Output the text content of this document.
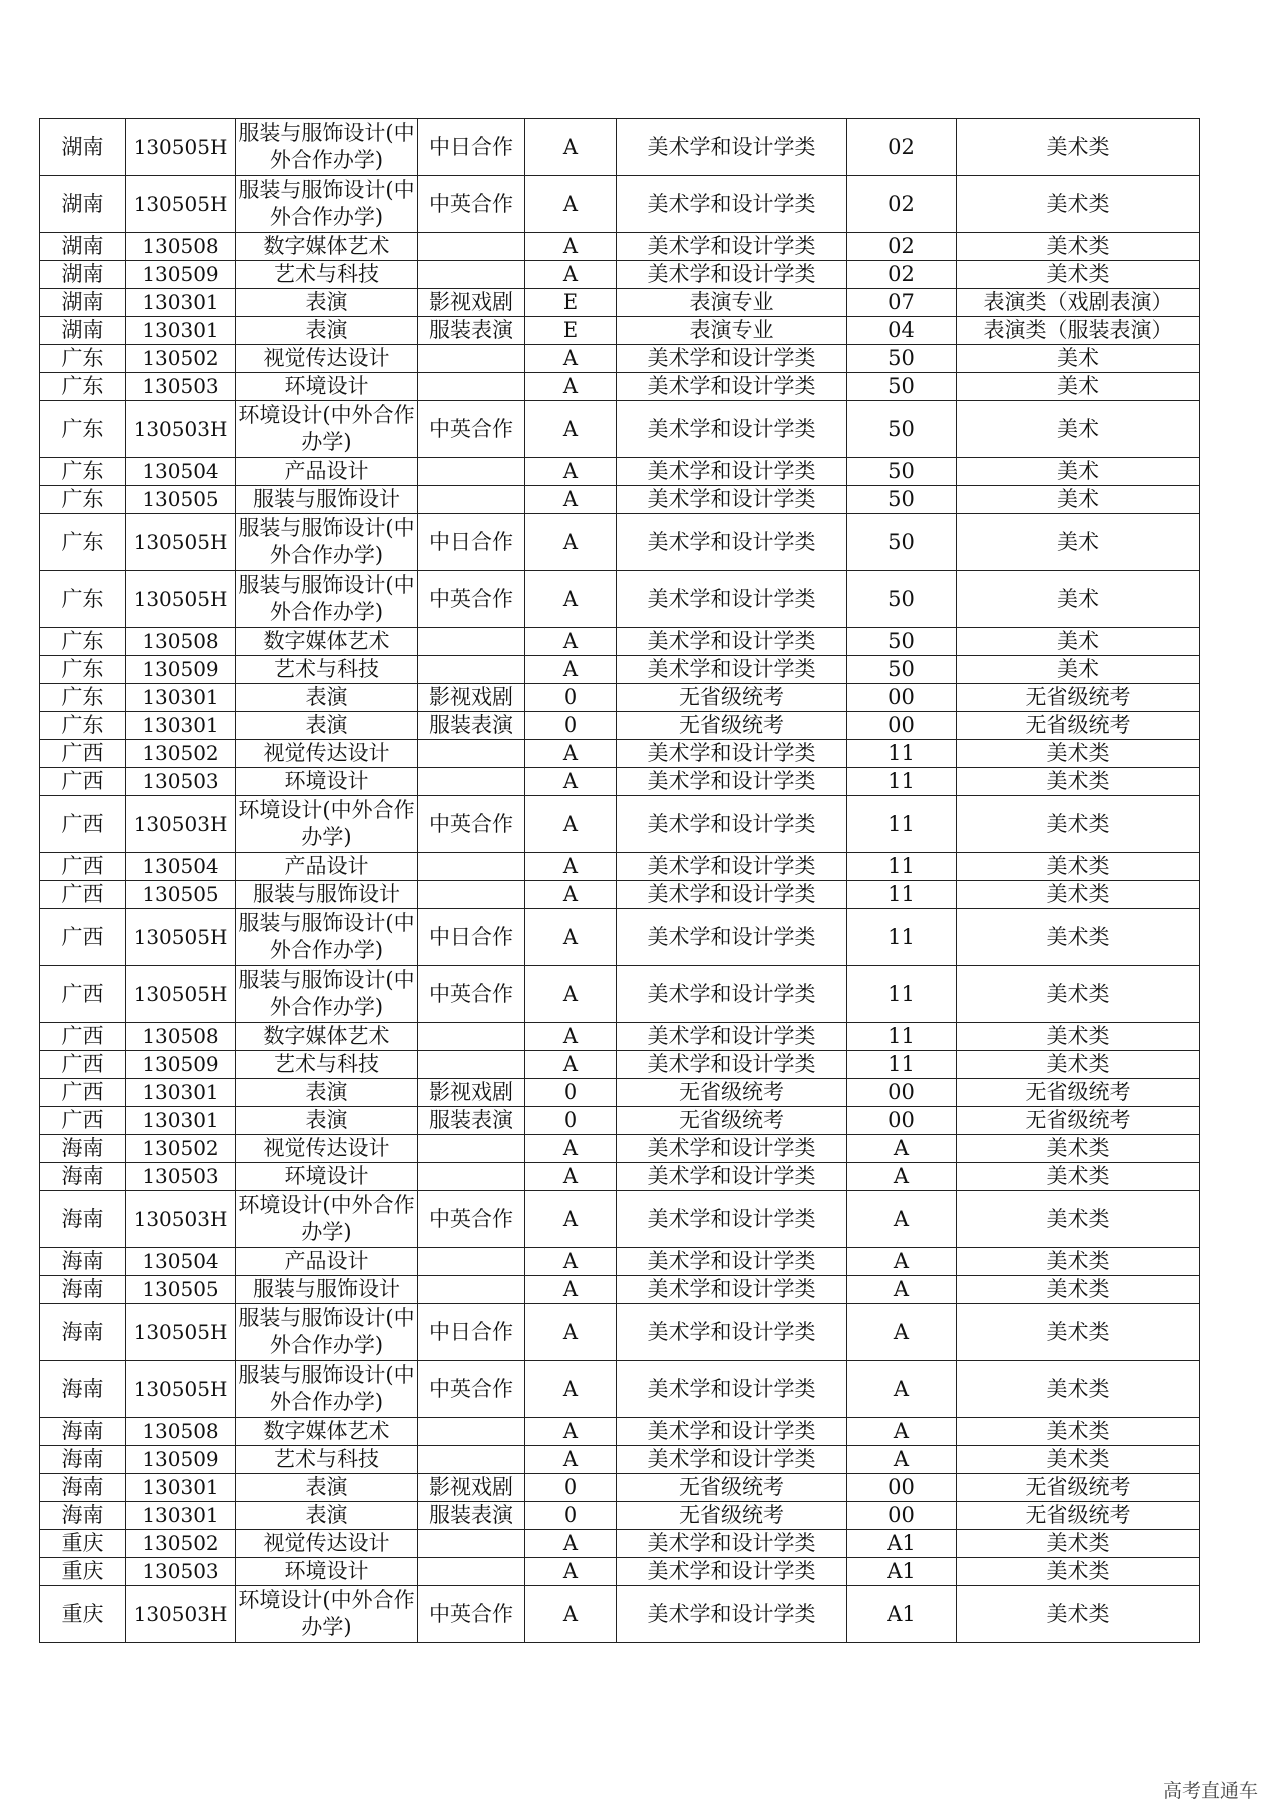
湖南	130505H	服装与服饰设计(中外合作办学)	中日合作	A	美术学和设计学类	02	美术类
湖南	130505H	服装与服饰设计(中外合作办学)	中英合作	A	美术学和设计学类	02	美术类
湖南	130508	数字媒体艺术		A	美术学和设计学类	02	美术类
湖南	130509	艺术与科技		A	美术学和设计学类	02	美术类
湖南	130301	表演	影视戏剧	E	表演专业	07	表演类（戏剧表演）
湖南	130301	表演	服装表演	E	表演专业	04	表演类（服装表演）
广东	130502	视觉传达设计		A	美术学和设计学类	50	美术
广东	130503	环境设计		A	美术学和设计学类	50	美术
广东	130503H	环境设计(中外合作办学)	中英合作	A	美术学和设计学类	50	美术
广东	130504	产品设计		A	美术学和设计学类	50	美术
广东	130505	服装与服饰设计		A	美术学和设计学类	50	美术
广东	130505H	服装与服饰设计(中外合作办学)	中日合作	A	美术学和设计学类	50	美术
广东	130505H	服装与服饰设计(中外合作办学)	中英合作	A	美术学和设计学类	50	美术
广东	130508	数字媒体艺术		A	美术学和设计学类	50	美术
广东	130509	艺术与科技		A	美术学和设计学类	50	美术
广东	130301	表演	影视戏剧	0	无省级统考	00	无省级统考
广东	130301	表演	服装表演	0	无省级统考	00	无省级统考
广西	130502	视觉传达设计		A	美术学和设计学类	11	美术类
广西	130503	环境设计		A	美术学和设计学类	11	美术类
广西	130503H	环境设计(中外合作办学)	中英合作	A	美术学和设计学类	11	美术类
广西	130504	产品设计		A	美术学和设计学类	11	美术类
广西	130505	服装与服饰设计		A	美术学和设计学类	11	美术类
广西	130505H	服装与服饰设计(中外合作办学)	中日合作	A	美术学和设计学类	11	美术类
广西	130505H	服装与服饰设计(中外合作办学)	中英合作	A	美术学和设计学类	11	美术类
广西	130508	数字媒体艺术		A	美术学和设计学类	11	美术类
广西	130509	艺术与科技		A	美术学和设计学类	11	美术类
广西	130301	表演	影视戏剧	0	无省级统考	00	无省级统考
广西	130301	表演	服装表演	0	无省级统考	00	无省级统考
海南	130502	视觉传达设计		A	美术学和设计学类	A	美术类
海南	130503	环境设计		A	美术学和设计学类	A	美术类
海南	130503H	环境设计(中外合作办学)	中英合作	A	美术学和设计学类	A	美术类
海南	130504	产品设计		A	美术学和设计学类	A	美术类
海南	130505	服装与服饰设计		A	美术学和设计学类	A	美术类
海南	130505H	服装与服饰设计(中外合作办学)	中日合作	A	美术学和设计学类	A	美术类
海南	130505H	服装与服饰设计(中外合作办学)	中英合作	A	美术学和设计学类	A	美术类
海南	130508	数字媒体艺术		A	美术学和设计学类	A	美术类
海南	130509	艺术与科技		A	美术学和设计学类	A	美术类
海南	130301	表演	影视戏剧	0	无省级统考	00	无省级统考
海南	130301	表演	服装表演	0	无省级统考	00	无省级统考
重庆	130502	视觉传达设计		A	美术学和设计学类	A1	美术类
重庆	130503	环境设计		A	美术学和设计学类	A1	美术类
重庆	130503H	环境设计(中外合作办学)	中英合作	A	美术学和设计学类	A1	美术类
高考直通车
